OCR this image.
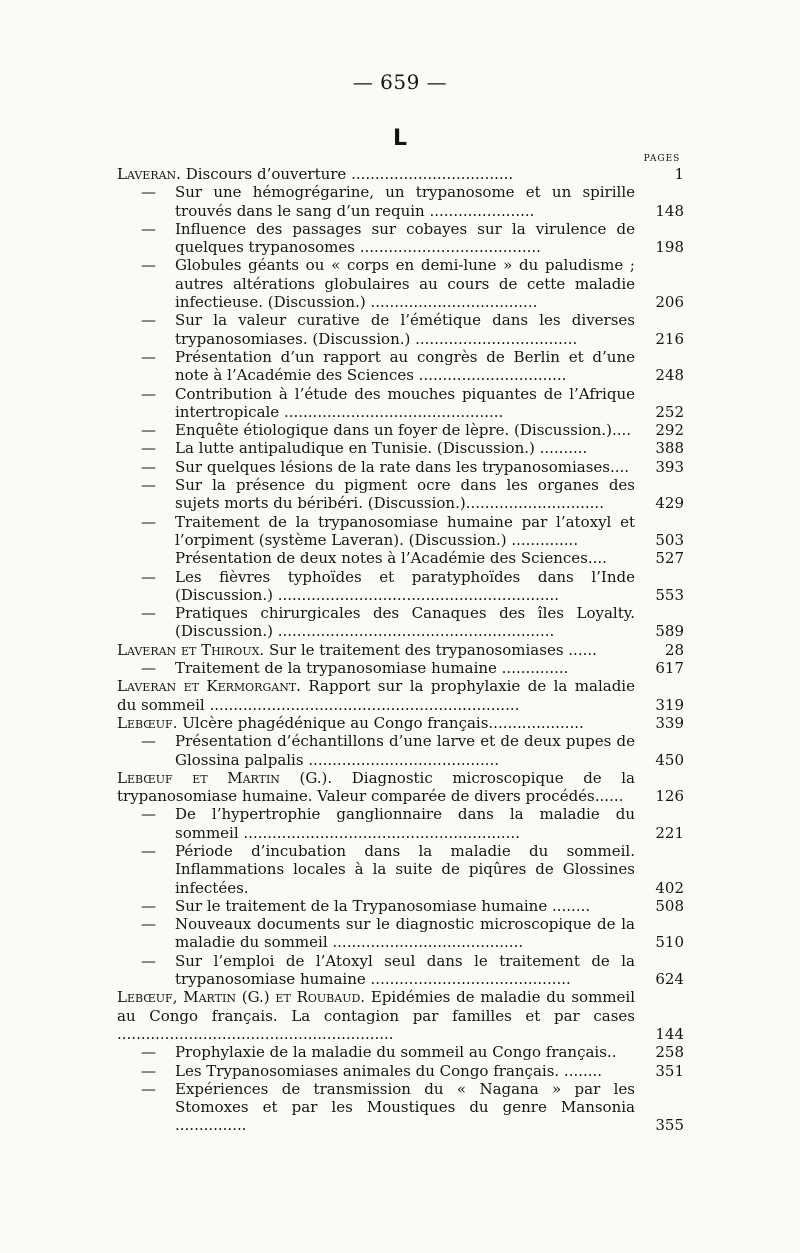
— 659 —
L
PAGES
Laveran. Discours d’ouverture ..................................	1
— Sur une hémogrégarine, un trypanosome et un spirille trouvés dans le sang d’un requin ......................	148
— Influence des passages sur cobayes sur la virulence de quelques trypanosomes ......................................	198
— Globules géants ou « corps en demi-lune » du paludisme ; autres altérations globulaires au cours de cette maladie infectieuse. (Discussion.) ...................................	206
— Sur la valeur curative de l’émétique dans les diverses trypanosomiases. (Discussion.) ..................................	216
— Présentation d’un rapport au congrès de Berlin et d’une note à l’Académie des Sciences ...............................	248
— Contribution à l’étude des mouches piquantes de l’Afrique intertropicale ..............................................	252
— Enquête étiologique dans un foyer de lèpre. (Discussion.).... 292
— La lutte antipaludique en Tunisie. (Discussion.) ..........	388
— Sur quelques lésions de la rate dans les trypanosomiases....	393
— Sur la présence du pigment ocre dans les organes des sujets morts du béribéri. (Discussion.).............................	429
— Traitement de la trypanosomiase humaine par l’atoxyl et l’orpiment (système Laveran). (Discussion.) ..............	503
Présentation de deux notes à l’Académie des Sciences....	527
— Les fièvres typhoïdes et paratyphoïdes dans l’Inde (Discussion.) ...........................................................	553
— Pratiques chirurgicales des Canaques des îles Loyalty. (Discussion.) ..........................................................	589
Laveran et Thiroux. Sur le traitement des trypanosomiases ......	28
— Traitement de la trypanosomiase humaine ..............	617
Laveran et Kermorgant. Rapport sur la prophylaxie de la maladie du sommeil .................................................................	319
Lebœuf. Ulcère phagédénique au Congo français....................	339
— Présentation d’échantillons d’une larve et de deux pupes de Glossina palpalis ........................................	450
Lebœuf et Martin (G.). Diagnostic microscopique de la trypanosomiase humaine. Valeur comparée de divers procédés......	126
— De l’hypertrophie ganglionnaire dans la maladie du sommeil ..........................................................	221
— Période d’incubation dans la maladie du sommeil. Inflammations locales à la suite de piqûres de Glossines infectées.	402
— Sur le traitement de la Trypanosomiase humaine ........	508
— Nouveaux documents sur le diagnostic microscopique de la maladie du sommeil ........................................	510
— Sur l’emploi de l’Atoxyl seul dans le traitement de la trypanosomiase humaine ..........................................	624
Lebœuf, Martin (G.) et Roubaud. Epidémies de maladie du sommeil au Congo français. La contagion par familles et par cases ..........................................................	144
— Prophylaxie de la maladie du sommeil au Congo français..	258
— Les Trypanosomiases animales du Congo français. ........	351
— Expériences de transmission du « Nagana » par les Stomoxes et par les Moustiques du genre Mansonia ...............	355
